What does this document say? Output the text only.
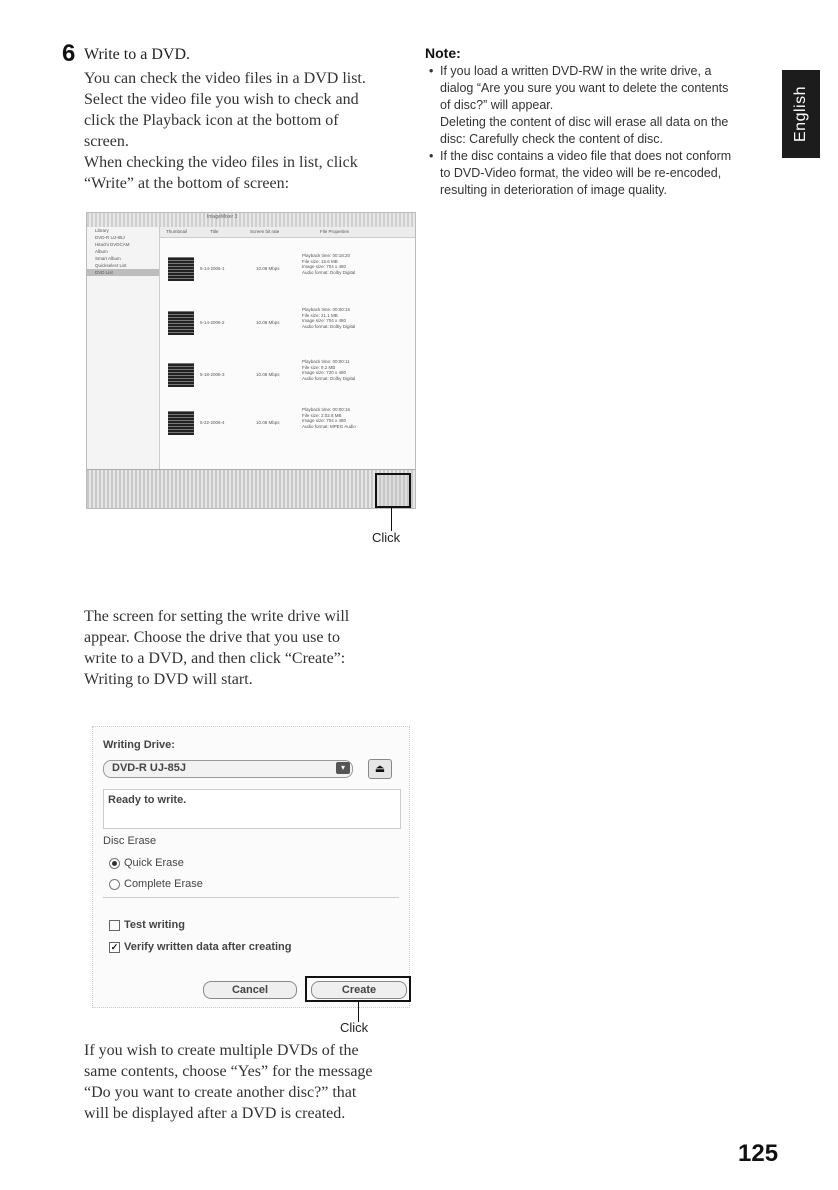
6 Write to a DVD.

You can check the video files in a DVD list.

Select the video file you wish to check and

click the Playback icon at the bottom of

screen.

When checking the video files in list, click

“Write” at the bottom of screen:

Note:
• If you load a written DVD-RW in the write drive, a
dialog “Are you sure you want to delete the contents
of disc?” will appear.
Deleting the content of disc will erase all data on the
disc: Carefully check the content of disc.
• If the disc contains a video file that does not conform
to DVD-Video format, the video will be re-encoded,
resulting in deterioration of image quality.
English
ImageMixer 3
Library
DVD-R UJ-85J
Hitachi DVDCAM
Album
Smart Album
Quickselect List
DVD List
Thumbnail	Title	Screen bit rate	File Properties
5-14-2006-1	10.08 Mbps
Playback time: 00:18:20
File size: 15.6 MB
Image size: 704 x 480
Audio format: Dolby Digital
5-14-2006-2	10.08 Mbps
Playback time: 00:00:16
File size: 21.1 MB
Image size: 704 x 480
Audio format: Dolby Digital
5-18-2006-3	10.08 Mbps
Playback time: 00:00:11
File size: 9.2 MB
Image size: 720 x 480
Audio format: Dolby Digital
5-22-2006-4	10.08 Mbps
Playback time: 00:00:16
File size: 2.02.8 MB
Image size: 704 x 480
Audio format: MPEG Audio
Click

The screen for setting the write drive will

appear. Choose the drive that you use to

write to a DVD, and then click “Create”:

Writing to DVD will start.

Writing Drive:
DVD-R UJ-85J	▾	⏏
Ready to write.
Disc Erase
Quick Erase
Complete Erase
Test writing
✓ Verify written data after creating
Cancel	Create
Click

If you wish to create multiple DVDs of the

same contents, choose “Yes” for the message

“Do you want to create another disc?” that

will be displayed after a DVD is created.

125
